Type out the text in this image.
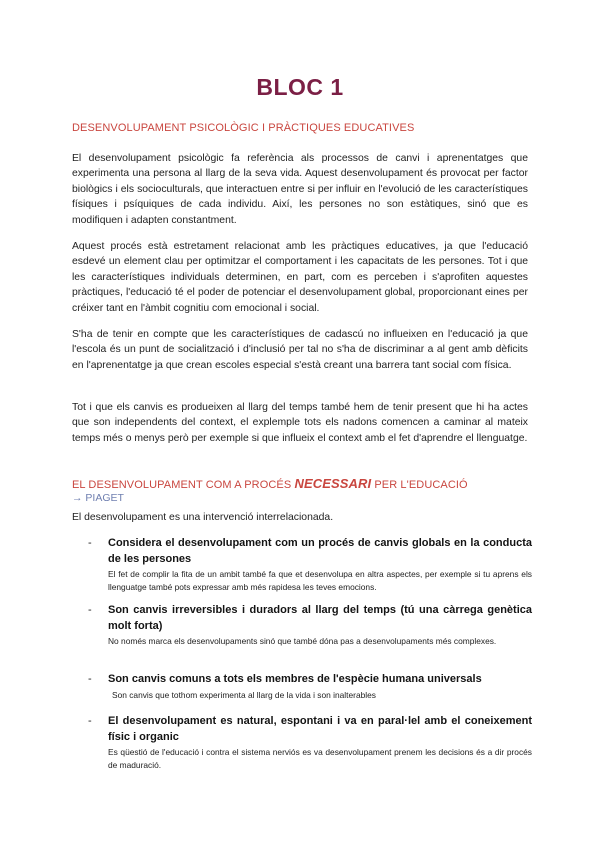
BLOC 1
DESENVOLUPAMENT PSICOLÒGIC I PRÀCTIQUES EDUCATIVES
El desenvolupament psicològic fa referència als processos de canvi i aprenentatges que experimenta una persona al llarg de la seva vida. Aquest desenvolupament és provocat per factor biològics i els socioculturals, que interactuen entre si per influir en l'evolució de les característiques físiques i psíquiques de cada individu. Així, les persones no son estàtiques, sinó que es modifiquen i adapten constantment.
Aquest procés està estretament relacionat amb les pràctiques educatives, ja que l'educació esdevé un element clau per optimitzar el comportament i les capacitats de les persones. Tot i que les característiques individuals determinen, en part, com es perceben i s'aprofiten aquestes pràctiques, l'educació té el poder de potenciar el desenvolupament global, proporcionant eines per créixer tant en l'àmbit cognitiu com emocional i social.
S'ha de tenir en compte que les característiques de cadascú no influeixen en l'educació ja que l'escola és un punt de socialització i d'inclusió per tal no s'ha de discriminar a al gent amb dèficits en l'aprenentatge ja que crean escoles especial s'està creant una barrera tant social com física.
Tot i que els canvis es produeixen al llarg del temps també hem de tenir present que hi ha actes que son independents del context, el explemple tots els nadons comencen a caminar al mateix temps més o menys però per exemple si que influeix el context amb el fet d'aprendre el llenguatge.
EL DESENVOLUPAMENT COM A PROCÉS NECESSARI PER L'EDUCACIÓ
→ PIAGET
El desenvolupament es una intervenció interrelacionada.
- Considera el desenvolupament com un procés de canvis globals en la conducta de les persones
El fet de complir la fita de un ambit també fa que et desenvolupa en altra aspectes, per exemple si tu aprens els llenguatge també pots expressar amb més rapidesa les teves emocions.
- Son canvis irreversibles i duradors al llarg del temps (tú una càrrega genètica molt forta)
No només marca els desenvolupaments sinó que també dóna pas a desenvolupaments més complexes.
- Son canvis comuns a tots els membres de l'espècie humana universals
Son canvis que tothom experimenta al llarg de la vida i son inalterables
- El desenvolupament es natural, espontani i va en paral·lel amb el coneixement físic i organic
Es qüestió de l'educació i contra el sistema nerviós es va desenvolupament prenem les decisions és a dir procés de maduració.
